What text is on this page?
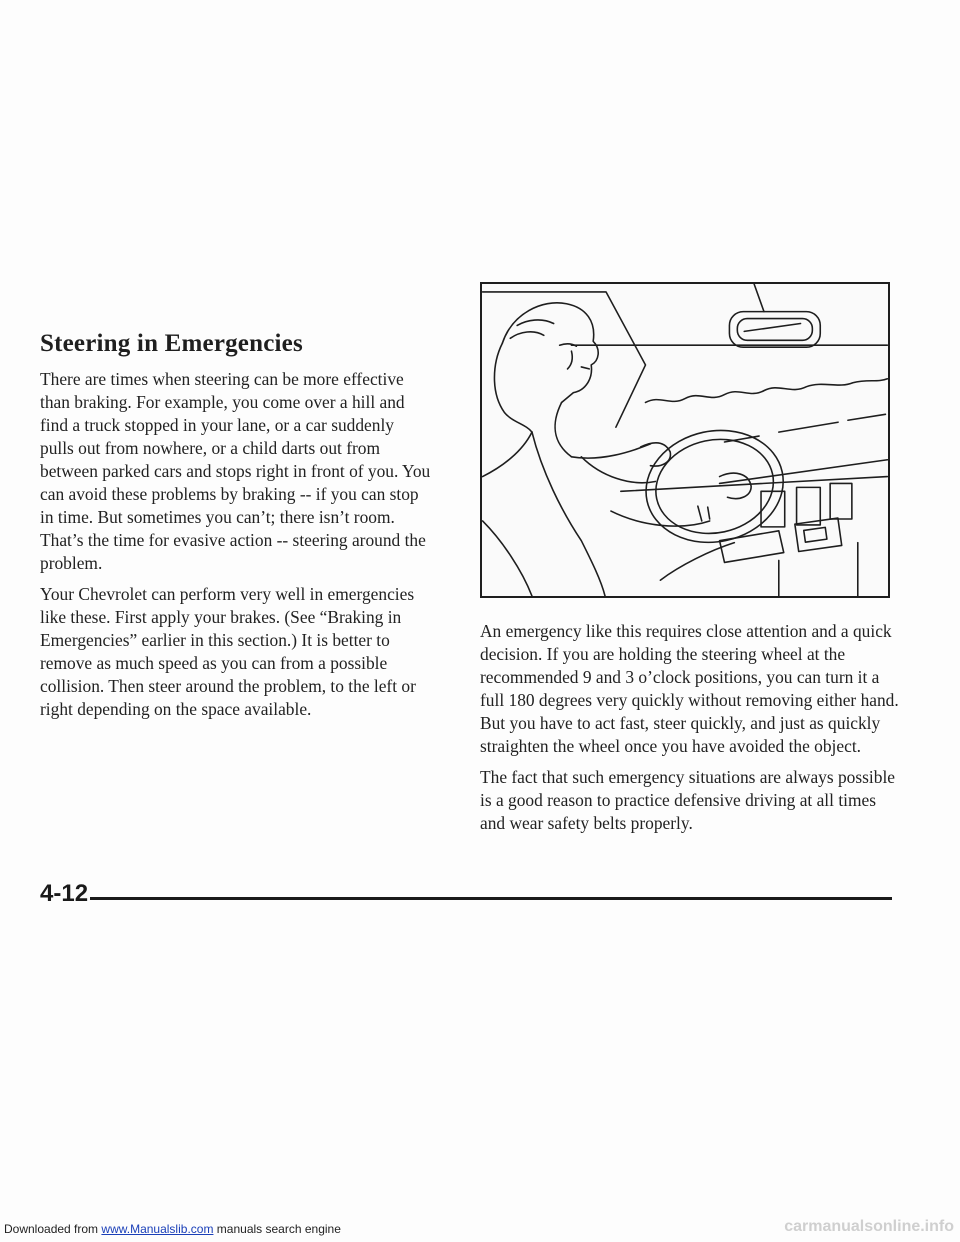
Steering in Emergencies

There are times when steering can be more effective than braking. For example, you come over a hill and find a truck stopped in your lane, or a car suddenly pulls out from nowhere, or a child darts out from between parked cars and stops right in front of you. You can avoid these problems by braking -- if you can stop in time. But sometimes you can’t; there isn’t room. That’s the time for evasive action -- steering around the problem.

Your Chevrolet can perform very well in emergencies like these. First apply your brakes. (See “Braking in Emergencies” earlier in this section.) It is better to remove as much speed as you can from a possible collision. Then steer around the problem, to the left or right depending on the space available.

An emergency like this requires close attention and a quick decision. If you are holding the steering wheel at the recommended 9 and 3 o’clock positions, you can turn it a full 180 degrees very quickly without removing either hand. But you have to act fast, steer quickly, and just as quickly straighten the wheel once you have avoided the object.

The fact that such emergency situations are always possible is a good reason to practice defensive driving at all times and wear safety belts properly.

4-12
Downloaded from www.Manualslib.com manuals search engine	carmanualsonline.info
